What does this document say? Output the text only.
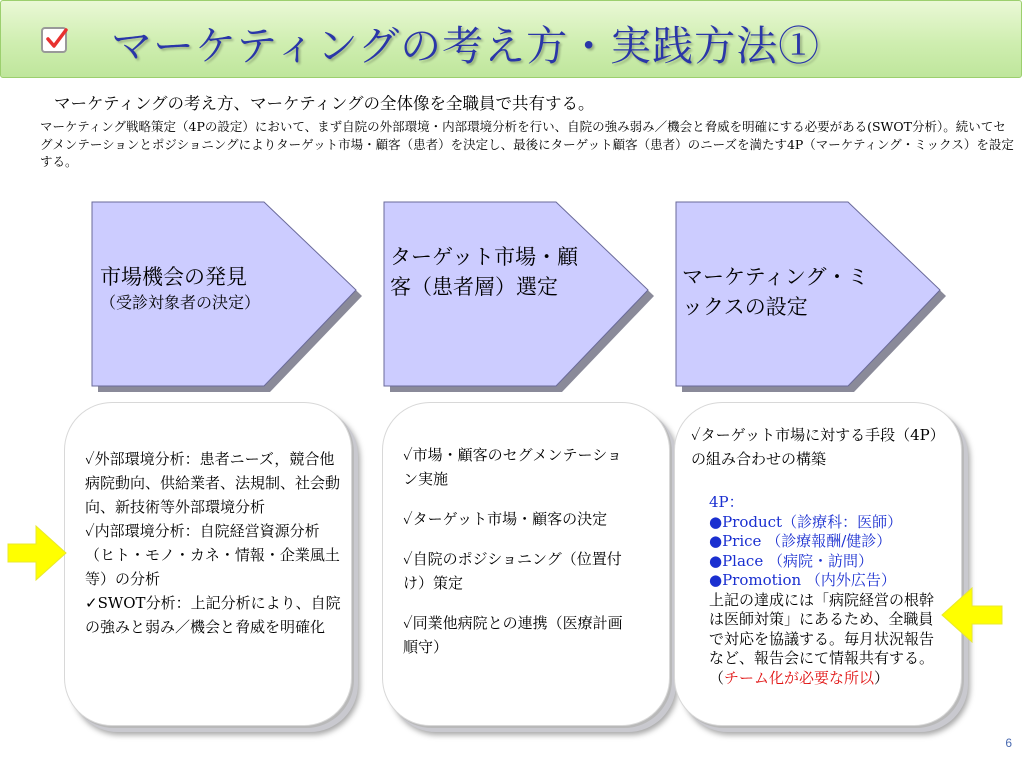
マーケティングの考え方・実践方法①
マーケティングの考え方、マーケティングの全体像を全職員で共有する。
マーケティング戦略策定（4Pの設定）において、まず自院の外部環境・内部環境分析を行い、自院の強み弱み／機会と脅威を明確にする必要がある(SWOT分析）。続いてセグメンテーションとポジショニングによりターゲット市場・顧客（患者）を決定し、最後にターゲット顧客（患者）のニーズを満たす4P（マーケティング・ミックス）を設定する。
市場機会の発見
（受診対象者の決定）
ターゲット市場・顧客（患者層）選定	マーケティング・ミックスの設定

✓外部環境分析：患者ニーズ，競合他病院動向、供給業者、法規制、社会動向、新技術等外部環境分析

✓内部環境分析：自院経営資源分析（ヒト・モノ・カネ・情報・企業風土等）の分析

✓SWOT分析：上記分析により、自院の強みと弱み／機会と脅威を明確化

✓市場・顧客のセグメンテーション実施

✓ターゲット市場・顧客の決定

✓自院のポジショニング（位置付け）策定

✓同業他病院との連携（医療計画順守）

✓ターゲット市場に対する手段（4P）の組み合わせの構築

4P：

●Product（診療科：医師）

●Price （診療報酬/健診）

●Place （病院・訪問）

●Promotion （内外広告）

上記の達成には「病院経営の根幹は医師対策」にあるため、全職員で対応を協議する。毎月状況報告など、報告会にて情報共有する。

（チーム化が必要な所以）

6
